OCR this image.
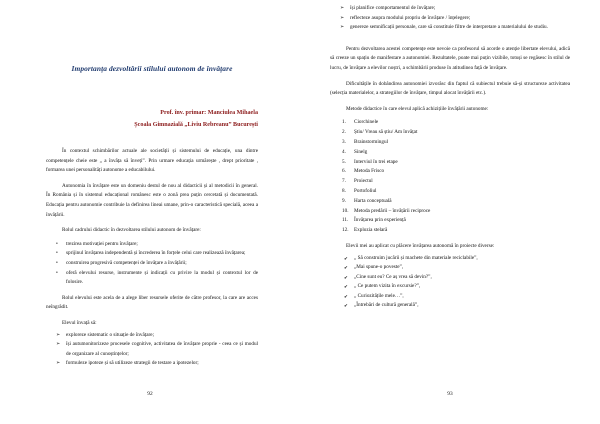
Importanța dezvoltării stilului autonom de învățare
Prof. înv. primar: Manciulea Mihaela
Școala Gimnazială „Liviu Rebreanu” București

În contextul schimbărilor actuale ale societății și sistemului de educație, una dintre competențele cheie este „ a învăța să înveți”. Prin urmare educația urmărește , drept prioritate , formarea unei personalități autonome a educabilului.

Autonomia în învățare este un domeniu destul de nou al didacticii și al metodicii în general. În România și în sistemul educațional românesc este o zonă prea puțin cercetată și documentată. Educația pentru autonomie contribuie la definirea lineai umane, prin-o caracteristică specială, aceea a învățării.

Rolul cadrului didactic în dezvoltarea stilului autonom de învățare:

• trezirea motivației pentru învățare;
• sprijinul învățarea independentă și încrederea în forțele celui care realizează învățarea;
• construirea progresivă competenței de învățare a învățării;
• oferă elevului resurse, instrumente și indicații cu privire la modul și contextul lor de folosire.

Rolul elevului este acela de a alege liber resursele oferite de către profesor, la care are acces neîngrădit.

Elevul învață să:

➢ exploreze sistematic o situație de învățare;
➢ își autumonitorizeze procesele cognitive, activitatea de învățare proprie - ceea ce și modul de organizare al cunoștințelor;
➢ formuleze ipoteze și să utilizeze strategii de testare a ipotezelor;
92
➢ își planifice comportamentul de învățare;
➢ reflecteze asupra modului propriu de învățare / înțelegere;
➢ genereze semnificații personale, care să constituie filtre de interpretare a materialului de studiu.

Pentru dezvoltarea acestei competențe este nevoie ca profesorul să acorde o atenție libertate elevului, adică să creeze un spațiu de manifestare a autonomiei. Rezultatele, poate mai puțin vizibile, totuși se regăsesc în stilul de lucru, de învățare a elevilor noștri, a schimbării produse în atitudinea față de învățare.

Dificultățile în dobândirea autonomiei izvorăsc din faptul că subiectul trebuie să-și structureze activitatea (selecția materialelor, a strategiilor de învățare, timpul alocat învățării etc.).

Metode didactice în care elevul aplică achizițiile învățării autonome:

1.	Ciorchinele
2.	Știu/ Vreau să știu/ Am învățat
3.	Brainstormingul
4.	Sinelg
5.	Interviul în trei etape
6.	Metoda Frisco
7.	Proiectul
8.	Portofoliul
9.	Harta conceptuală
10.	Metoda predării – învățării reciproce
11.	Învățarea prin experiență
12.	Explozia stelară

Elevii mei au aplicat cu plăcere învățarea autonomă în proiecte diverse:

✔ „ Să construim jucării și machete din materiale reciclabile”,
✔ „Mai spune-o poveste”,
✔ „Cine sunt eu? Ce aș vrea să devin?”,
✔ „ Ce putem vizita în excursie?”,
✔ „ Curiozitățile mele…”,
✔ „Întrebări de cultură generală”,
93
